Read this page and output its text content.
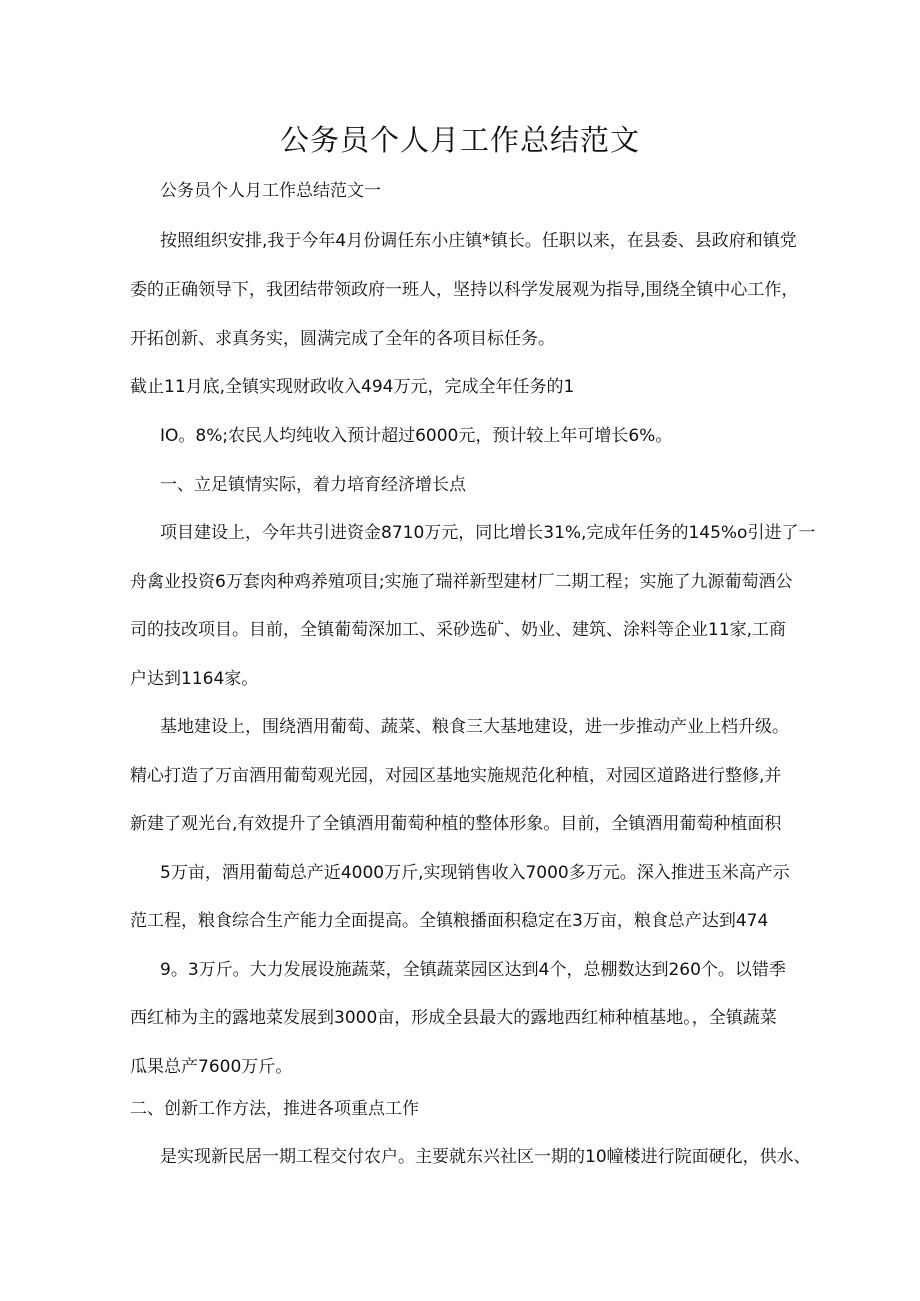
公务员个人月工作总结范文
公务员个人月工作总结范文一
按照组织安排,我于今年4月份调任东小庄镇*镇长。任职以来，在县委、县政府和镇党
委的正确领导下，我团结带领政府一班人，坚持以科学发展观为指导,围绕全镇中心工作，
开拓创新、求真务实，圆满完成了全年的各项目标任务。
截止11月底,全镇实现财政收入494万元，完成全年任务的1
IO。8%;农民人均纯收入预计超过6000元，预计较上年可增长6%。
一、立足镇情实际，着力培育经济增长点
项目建设上，今年共引进资金8710万元，同比增长31%,完成年任务的145%o引进了一
舟禽业投资6万套肉种鸡养殖项目;实施了瑞祥新型建材厂二期工程；实施了九源葡萄酒公
司的技改项目。目前，全镇葡萄深加工、采砂选矿、奶业、建筑、涂料等企业11家,工商
户达到1164家。
基地建设上，围绕酒用葡萄、蔬菜、粮食三大基地建设，进一步推动产业上档升级。
精心打造了万亩酒用葡萄观光园，对园区基地实施规范化种植，对园区道路进行整修,并
新建了观光台,有效提升了全镇酒用葡萄种植的整体形象。目前，全镇酒用葡萄种植面积
5万亩，酒用葡萄总产近4000万斤,实现销售收入7000多万元。深入推进玉米高产示
范工程，粮食综合生产能力全面提高。全镇粮播面积稳定在3万亩，粮食总产达到474
9。3万斤。大力发展设施蔬菜，全镇蔬菜园区达到4个，总棚数达到260个。以错季
西红柿为主的露地菜发展到3000亩，形成全县最大的露地西红柿种植基地。，全镇蔬菜
瓜果总产7600万斤。
二、创新工作方法，推进各项重点工作
是实现新民居一期工程交付农户。主要就东兴社区一期的10幢楼进行院面硬化，供水、
